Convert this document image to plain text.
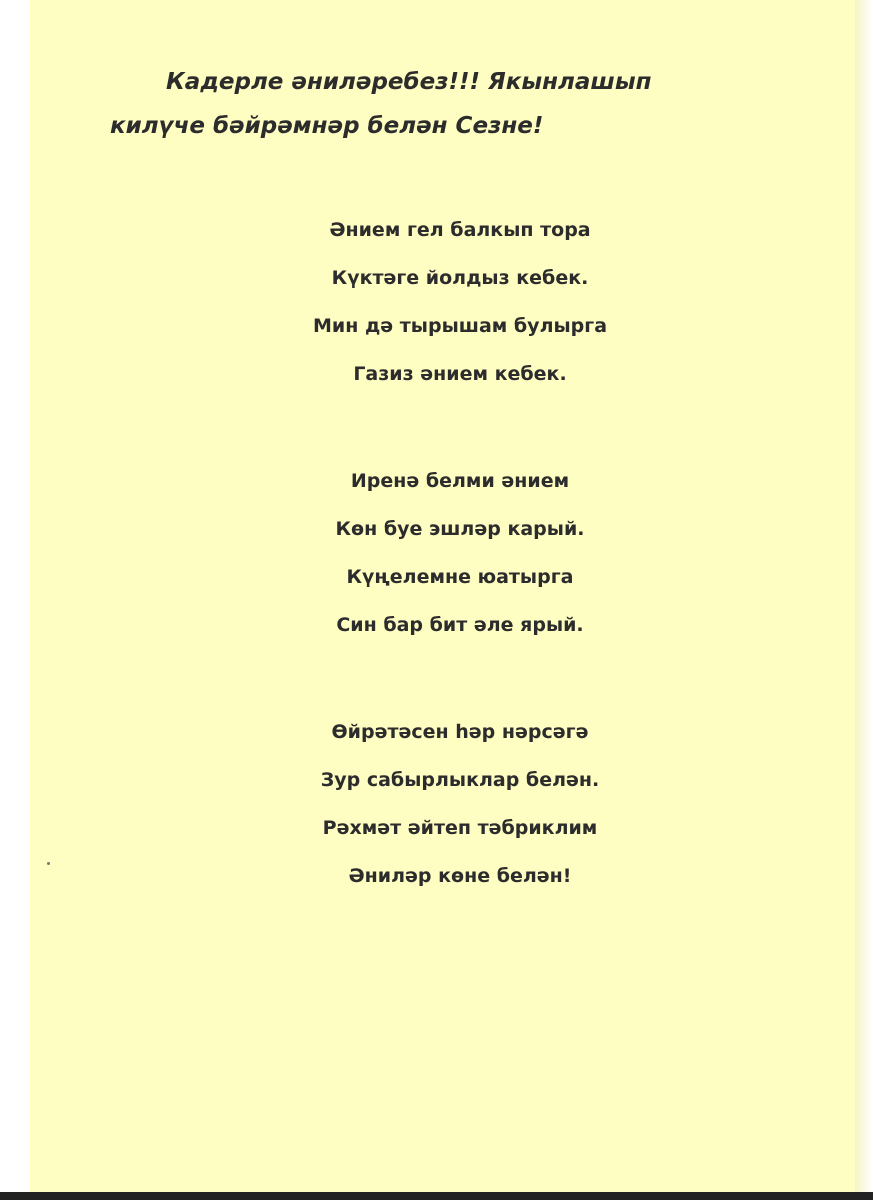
Кадерле әниләребез!!! Якынлашып килүче бәйрәмнәр белән Сезне!

Әнием гел балкып тора
Күктәге йолдыз кебек.
Мин дә тырышам булырга
Газиз әнием кебек.
Иренә белми әнием
Көн буе эшләр карый.
Күңелемне юатырга
Син бар бит әле ярый.
Өйрәтәсен һәр нәрсәгә
Зур сабырлыклар белән.
Рәхмәт әйтеп тәбриклим
Әниләр көне белән!
